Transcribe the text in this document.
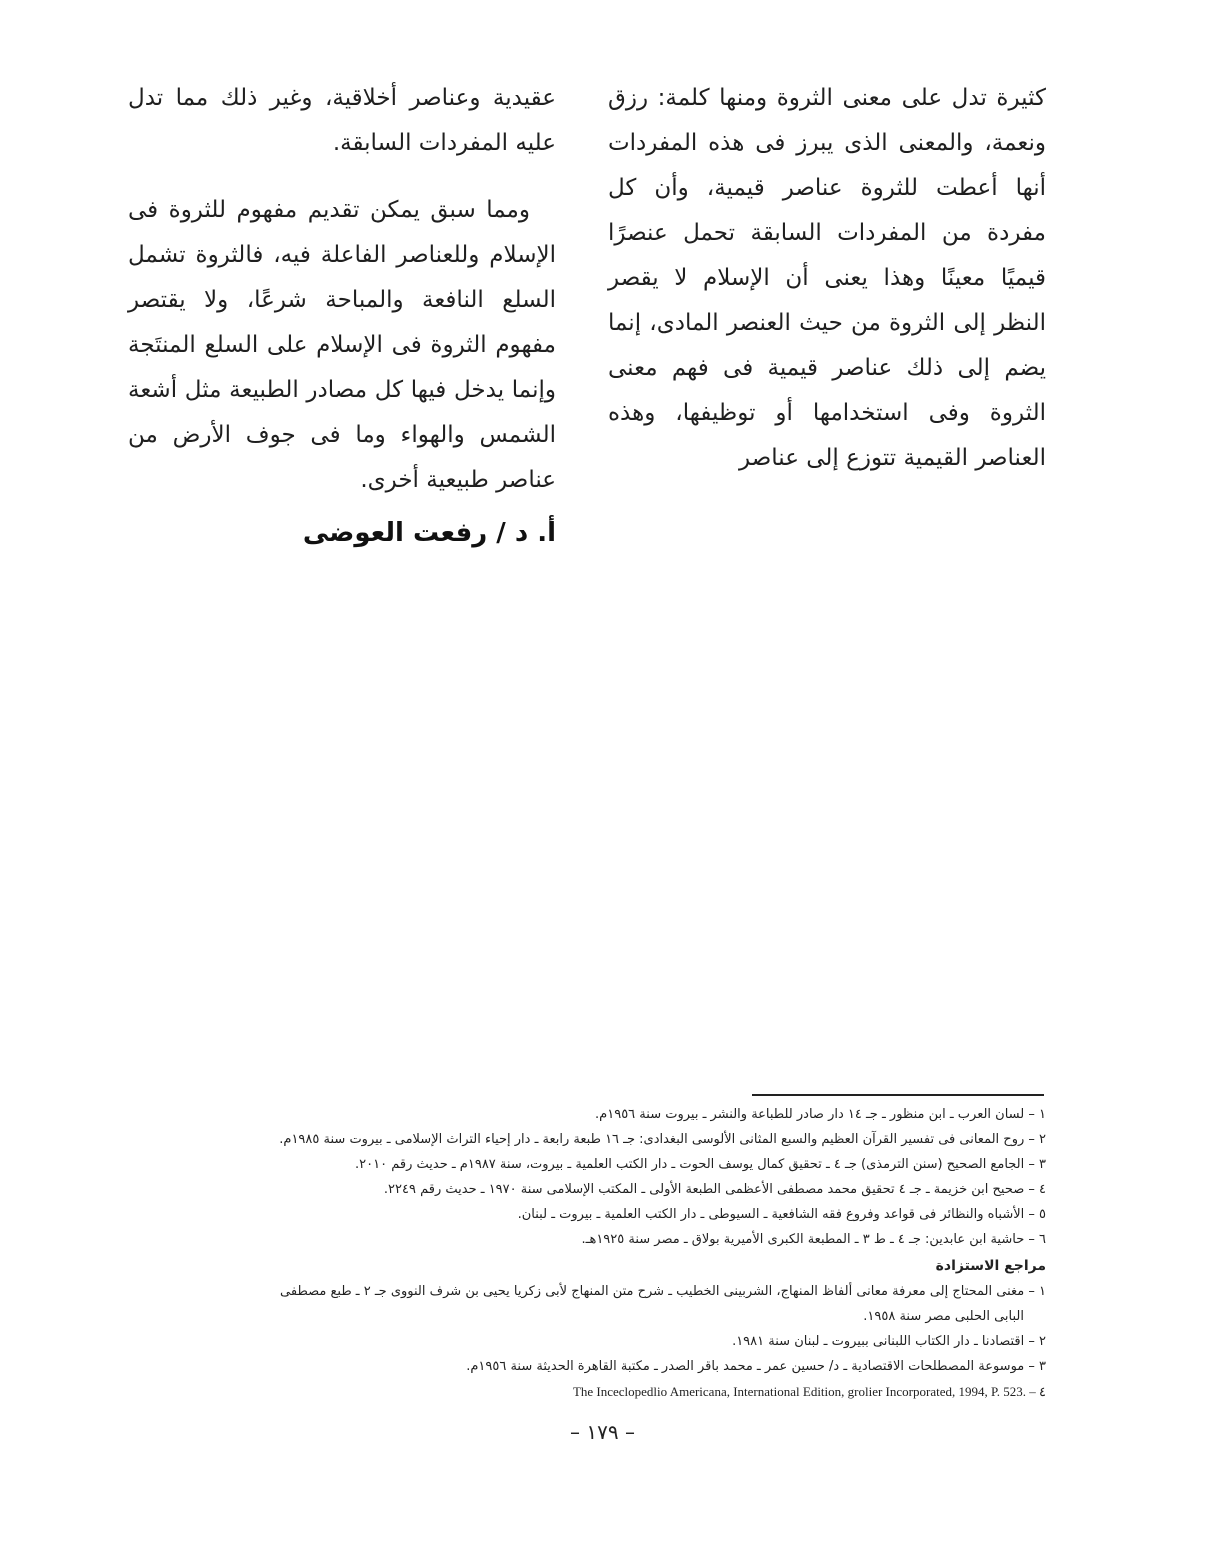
كثيرة تدل على معنى الثروة ومنها كلمة: رزق ونعمة، والمعنى الذى يبرز فى هذه المفردات أنها أعطت للثروة عناصر قيمية، وأن كل مفردة من المفردات السابقة تحمل عنصرًا قيميًا معينًا وهذا يعنى أن الإسلام لا يقصر النظر إلى الثروة من حيث العنصر المادى، إنما يضم إلى ذلك عناصر قيمية فى فهم معنى الثروة وفى استخدامها أو توظيفها، وهذه العناصر القيمية تتوزع إلى عناصر

عقيدية وعناصر أخلاقية، وغير ذلك مما تدل عليه المفردات السابقة.

ومما سبق يمكن تقديم مفهوم للثروة فى الإسلام وللعناصر الفاعلة فيه، فالثروة تشمل السلع النافعة والمباحة شرعًا، ولا يقتصر مفهوم الثروة فى الإسلام على السلع المنتَجة وإنما يدخل فيها كل مصادر الطبيعة مثل أشعة الشمس والهواء وما فى جوف الأرض من عناصر طبيعية أخرى.

أ. د / رفعت العوضى
١ – لسان العرب ـ ابن منظور ـ جـ ١٤ دار صادر للطباعة والنشر ـ بيروت سنة ١٩٥٦م.
٢ – روح المعانى فى تفسير القرآن العظيم والسبع المثانى الألوسى البغدادى: جـ ١٦ طبعة رابعة ـ دار إحياء التراث الإسلامى ـ بيروت سنة ١٩٨٥م.
٣ – الجامع الصحيح (سنن الترمذى) جـ ٤ ـ تحقيق كمال يوسف الحوت ـ دار الكتب العلمية ـ بيروت، سنة ١٩٨٧م ـ حديث رقم ٢٠١٠.
٤ – صحيح ابن خزيمة ـ جـ ٤ تحقيق محمد مصطفى الأعظمى الطبعة الأولى ـ المكتب الإسلامى سنة ١٩٧٠ ـ حديث رقم ٢٢٤٩.
٥ – الأشباه والنظائر فى قواعد وفروع فقه الشافعية ـ السيوطى ـ دار الكتب العلمية ـ بيروت ـ لبنان.
٦ – حاشية ابن عابدين: جـ ٤ ـ ط ٣ ـ المطبعة الكبرى الأميرية بولاق ـ مصر سنة ١٩٢٥هـ.
مراجع الاستزادة
١ – مغنى المحتاج إلى معرفة معانى ألفاظ المنهاج، الشربينى الخطيب ـ شرح متن المنهاج لأبى زكريا يحيى بن شرف النووى جـ ٢ ـ طبع مصطفى
البابى الحلبى مصر سنة ١٩٥٨.
٢ – اقتصادنا ـ دار الكتاب اللبنانى ببيروت ـ لبنان سنة ١٩٨١.
٣ – موسوعة المصطلحات الاقتصادية ـ د/ حسين عمر ـ محمد باقر الصدر ـ مكتبة القاهرة الحديثة سنة ١٩٥٦م.
The Inceclopedlio Americana, International Edition, grolier Incorporated, 1994, P. 523. – ٤
– ١٧٩ –
